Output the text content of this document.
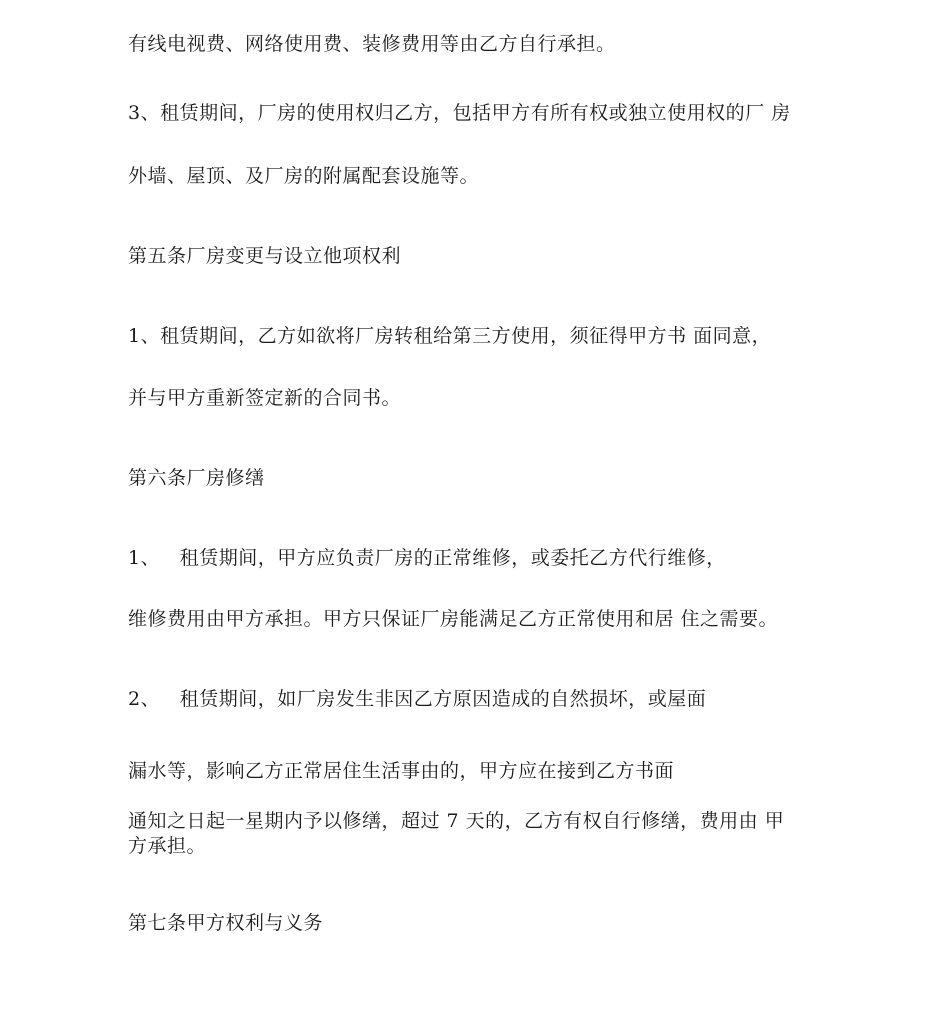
有线电视费、网络使用费、装修费用等由乙方自行承担。
3、租赁期间，厂房的使用权归乙方，包括甲方有所有权或独立使用权的厂 房
外墙、屋顶、及厂房的附属配套设施等。
第五条厂房变更与设立他项权利
1、租赁期间，乙方如欲将厂房转租给第三方使用，须征得甲方书 面同意，
并与甲方重新签定新的合同书。
第六条厂房修缮
1、   租赁期间，甲方应负责厂房的正常维修，或委托乙方代行维修，
维修费用由甲方承担。甲方只保证厂房能满足乙方正常使用和居 住之需要。
2、   租赁期间，如厂房发生非因乙方原因造成的自然损坏，或屋面
漏水等，影响乙方正常居住生活事由的，甲方应在接到乙方书面
通知之日起一星期内予以修缮，超过 7 天的，乙方有权自行修缮，费用由 甲
方承担。
第七条甲方权利与义务
